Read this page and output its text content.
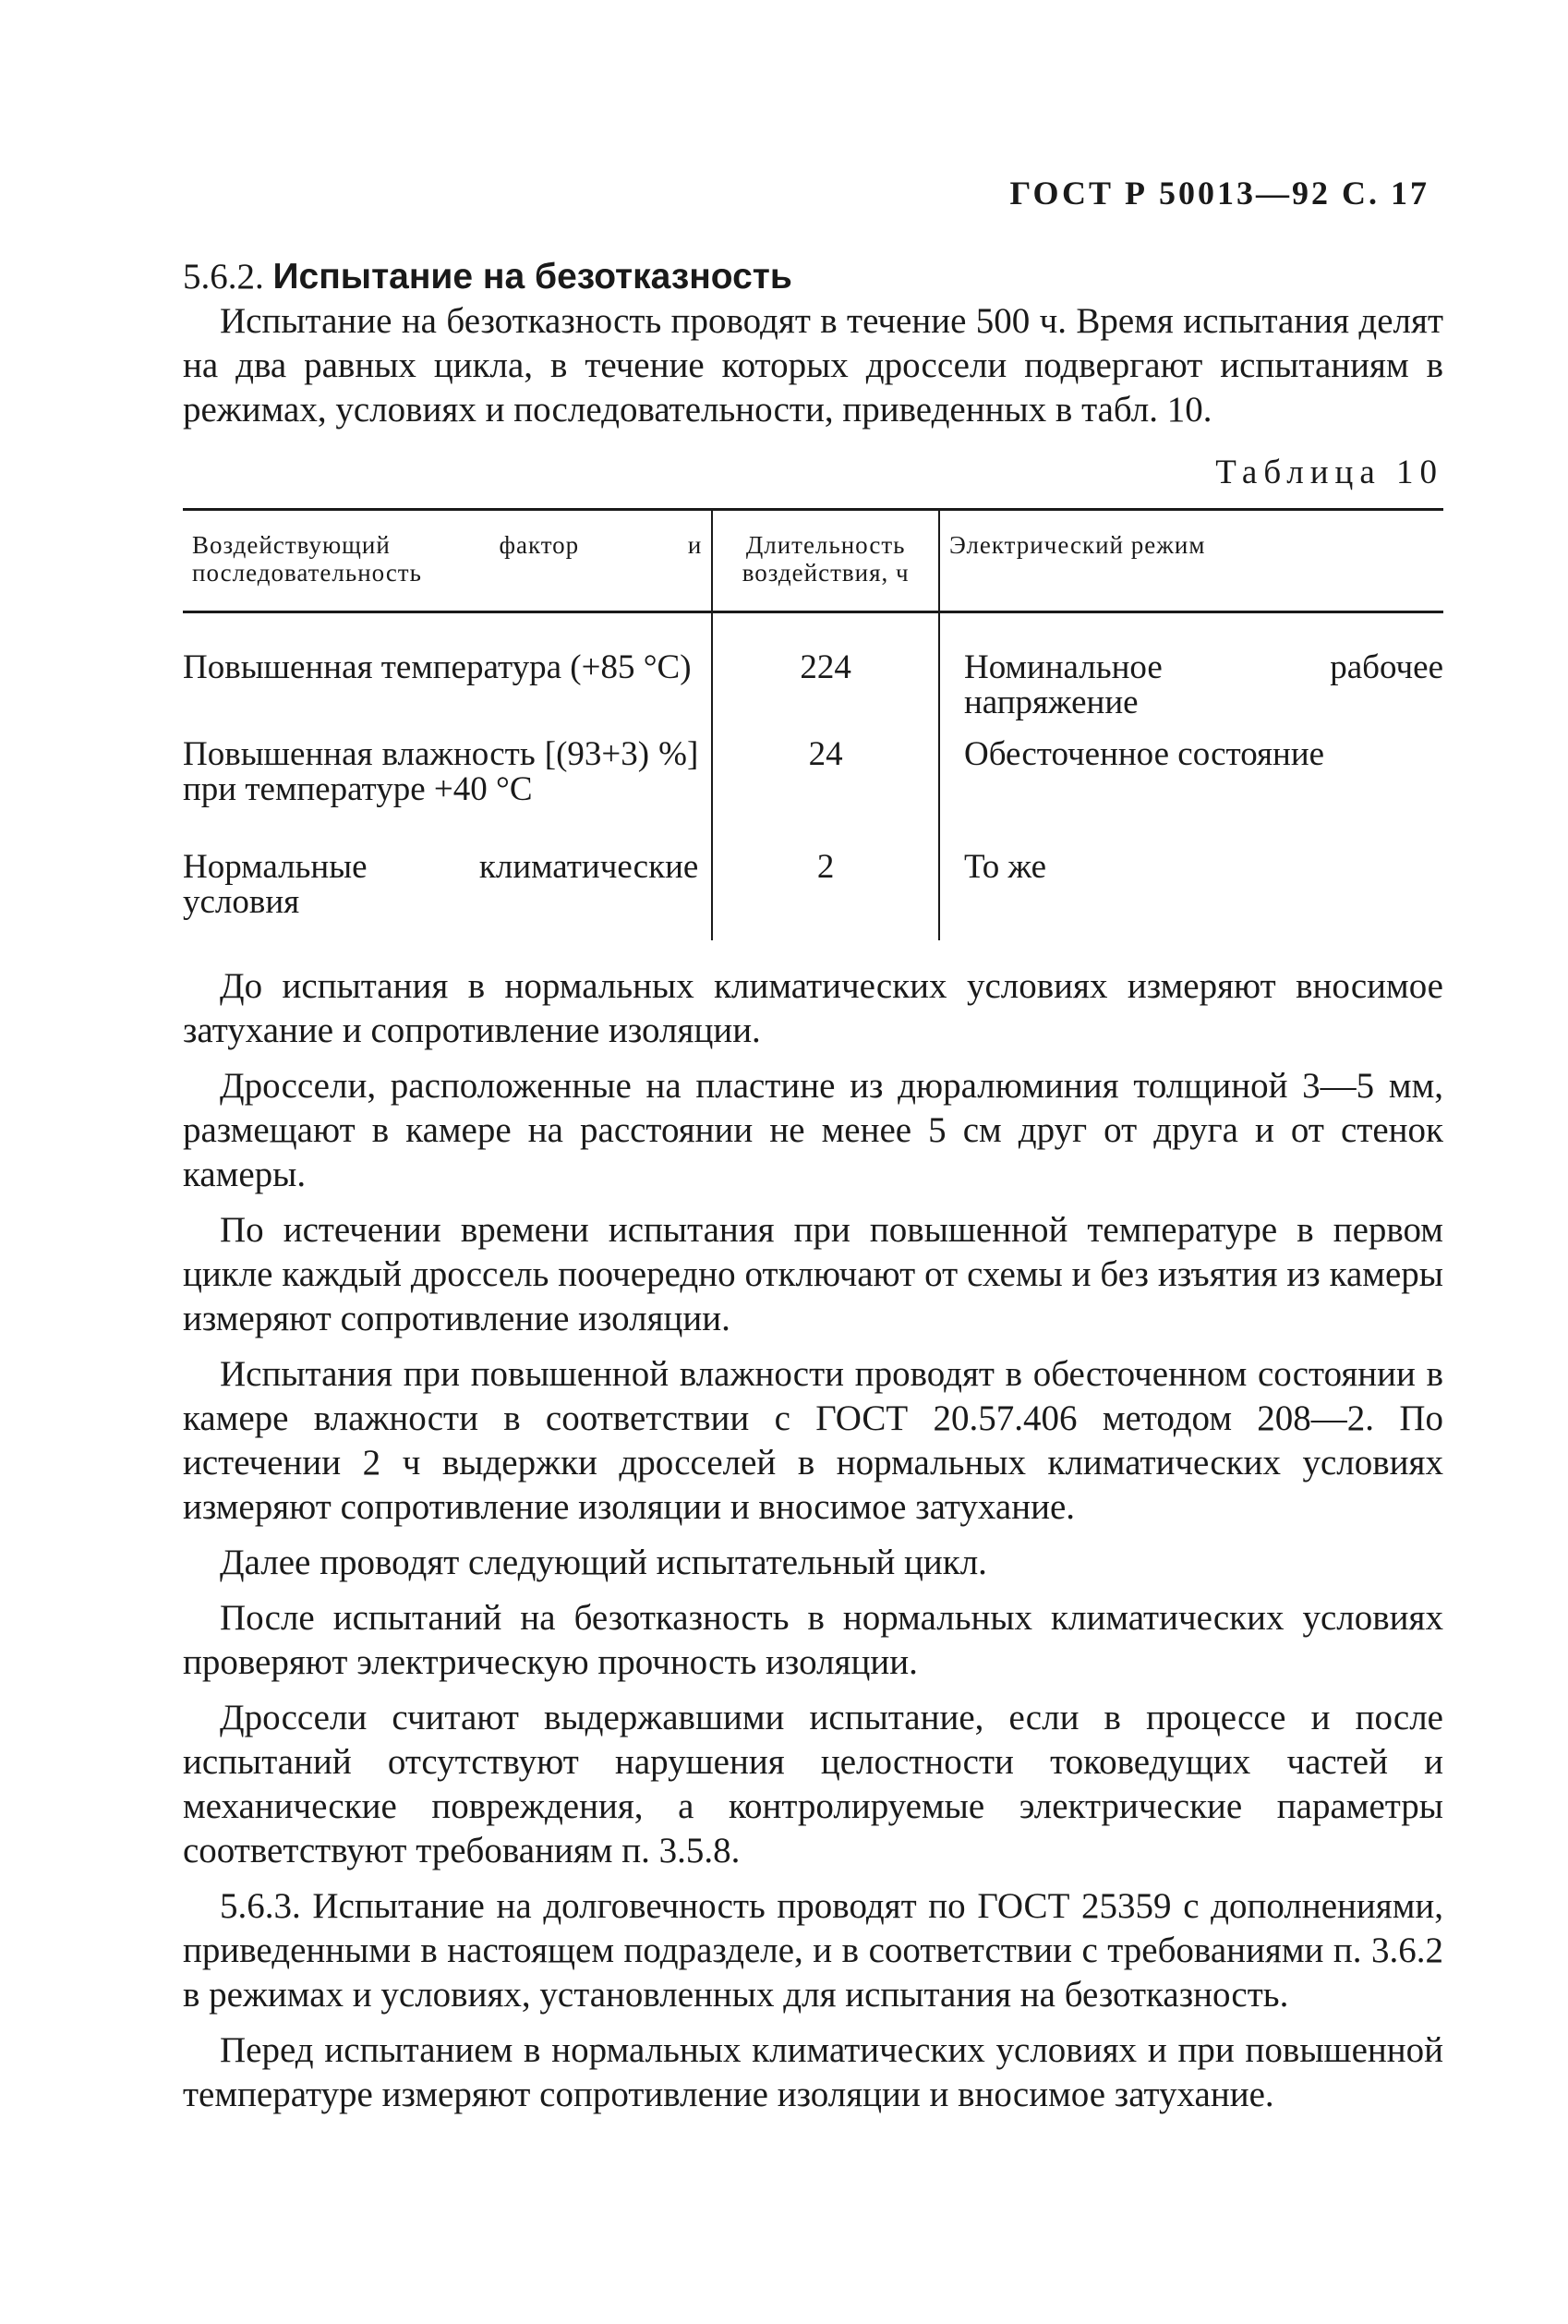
ГОСТ Р 50013—92 С. 17

5.6.2. Испытание на безотказность

Испытание на безотказность проводят в течение 500 ч. Время испытания делят на два равных цикла, в течение которых дроссели подвергают испытаниям в режимах, условиях и последовательности, приведенных в табл. 10.

Таблица 10
Воздействующий фактор и последовательность	Длительность воздействия, ч	Электрический режим
Повышенная температура (+85 °С)	224	Номинальное рабочее напряжение
Повышенная влажность [(93+3) %] при температуре +40 °С	24	Обесточенное состояние
Нормальные климатические условия	2	То же

До испытания в нормальных климатических условиях измеряют вносимое затухание и сопротивление изоляции.

Дроссели, расположенные на пластине из дюралюминия толщиной 3—5 мм, размещают в камере на расстоянии не менее 5 см друг от друга и от стенок камеры.

По истечении времени испытания при повышенной температуре в первом цикле каждый дроссель поочередно отключают от схемы и без изъятия из камеры измеряют сопротивление изоляции.

Испытания при повышенной влажности проводят в обесточенном состоянии в камере влажности в соответствии с ГОСТ 20.57.406 методом 208—2. По истечении 2 ч выдержки дросселей в нормальных климатических условиях измеряют сопротивление изоляции и вносимое затухание.

Далее проводят следующий испытательный цикл.

После испытаний на безотказность в нормальных климатических условиях проверяют электрическую прочность изоляции.

Дроссели считают выдержавшими испытание, если в процессе и после испытаний отсутствуют нарушения целостности токоведущих частей и механические повреждения, а контролируемые электрические параметры соответствуют требованиям п. 3.5.8.

5.6.3. Испытание на долговечность проводят по ГОСТ 25359 с дополнениями, приведенными в настоящем подразделе, и в соответствии с требованиями п. 3.6.2 в режимах и условиях, установленных для испытания на безотказность.

Перед испытанием в нормальных климатических условиях и при повышенной температуре измеряют сопротивление изоляции и вносимое затухание.
